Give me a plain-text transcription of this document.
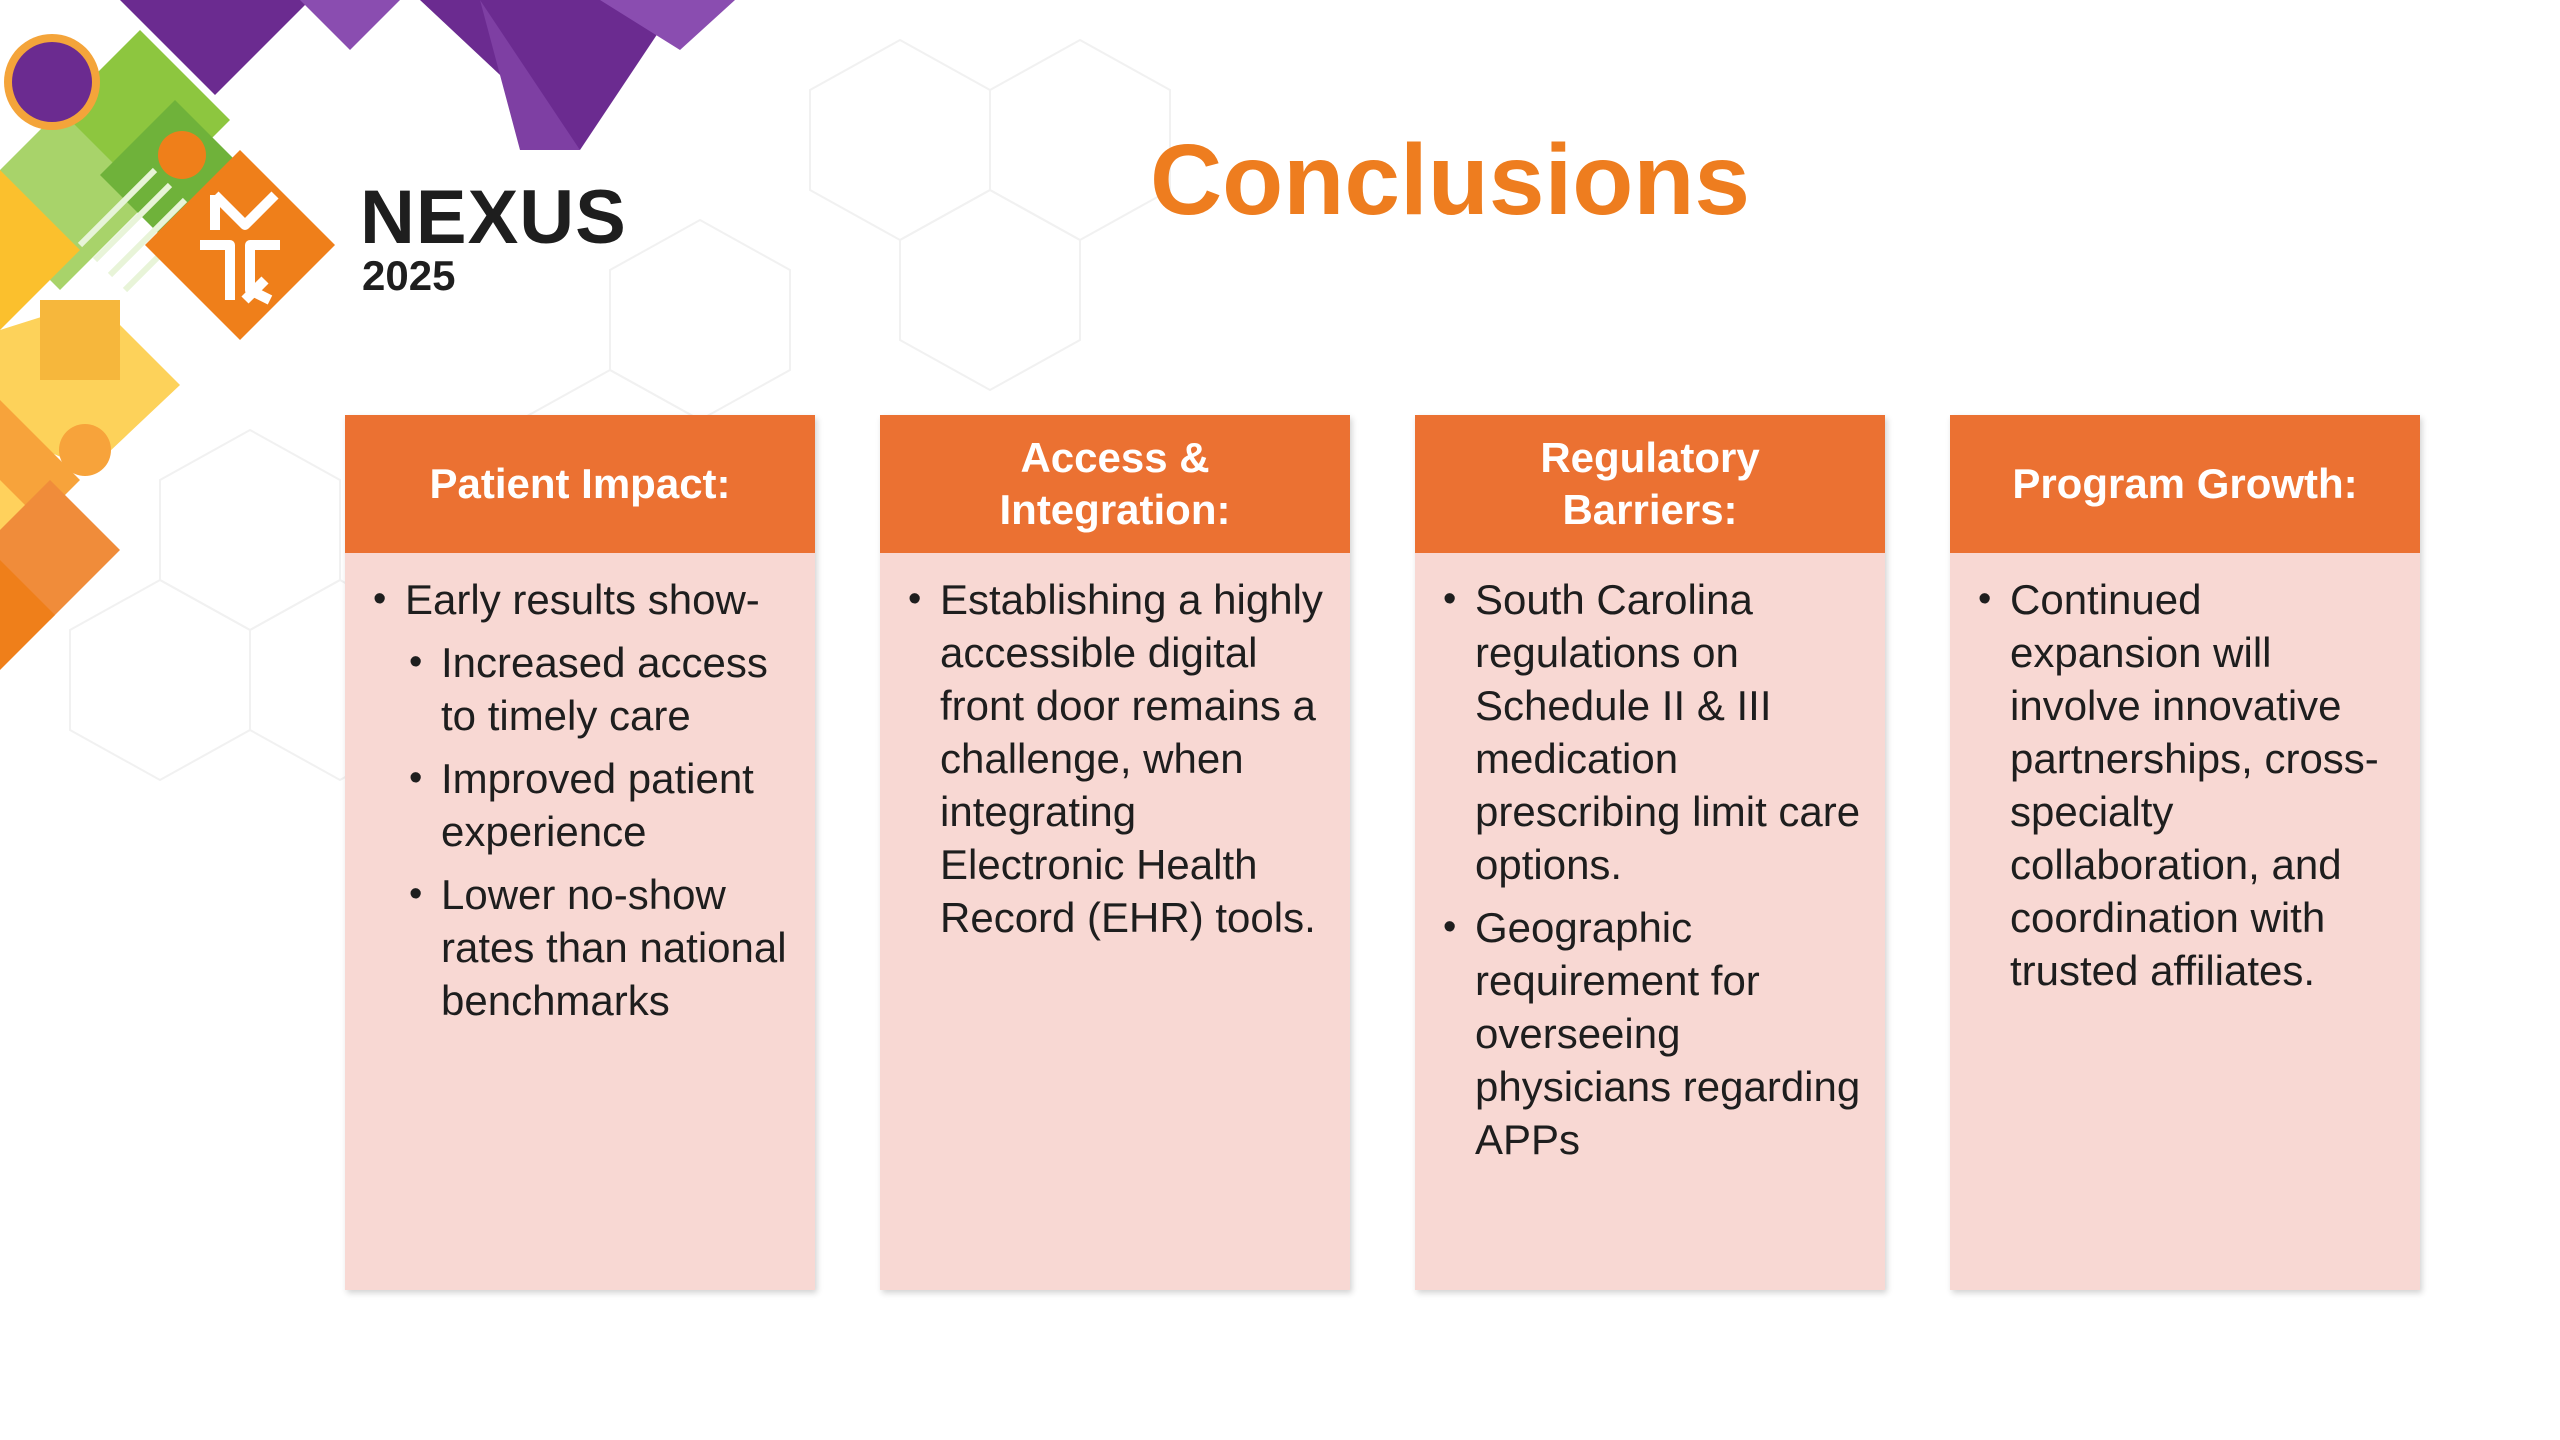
NEXUS
2025
Conclusions
Patient Impact:
• Early results show-
• Increased access to timely care
• Improved patient experience
• Lower no-show rates than national benchmarks
Access & Integration:
• Establishing a highly accessible digital front door remains a challenge, when integrating Electronic Health Record (EHR) tools.
Regulatory Barriers:
• South Carolina regulations on Schedule II & III medication prescribing limit care options.
• Geographic requirement for overseeing physicians regarding APPs
Program Growth:
• Continued expansion will involve innovative partnerships, cross-specialty collaboration, and coordination with trusted affiliates.
